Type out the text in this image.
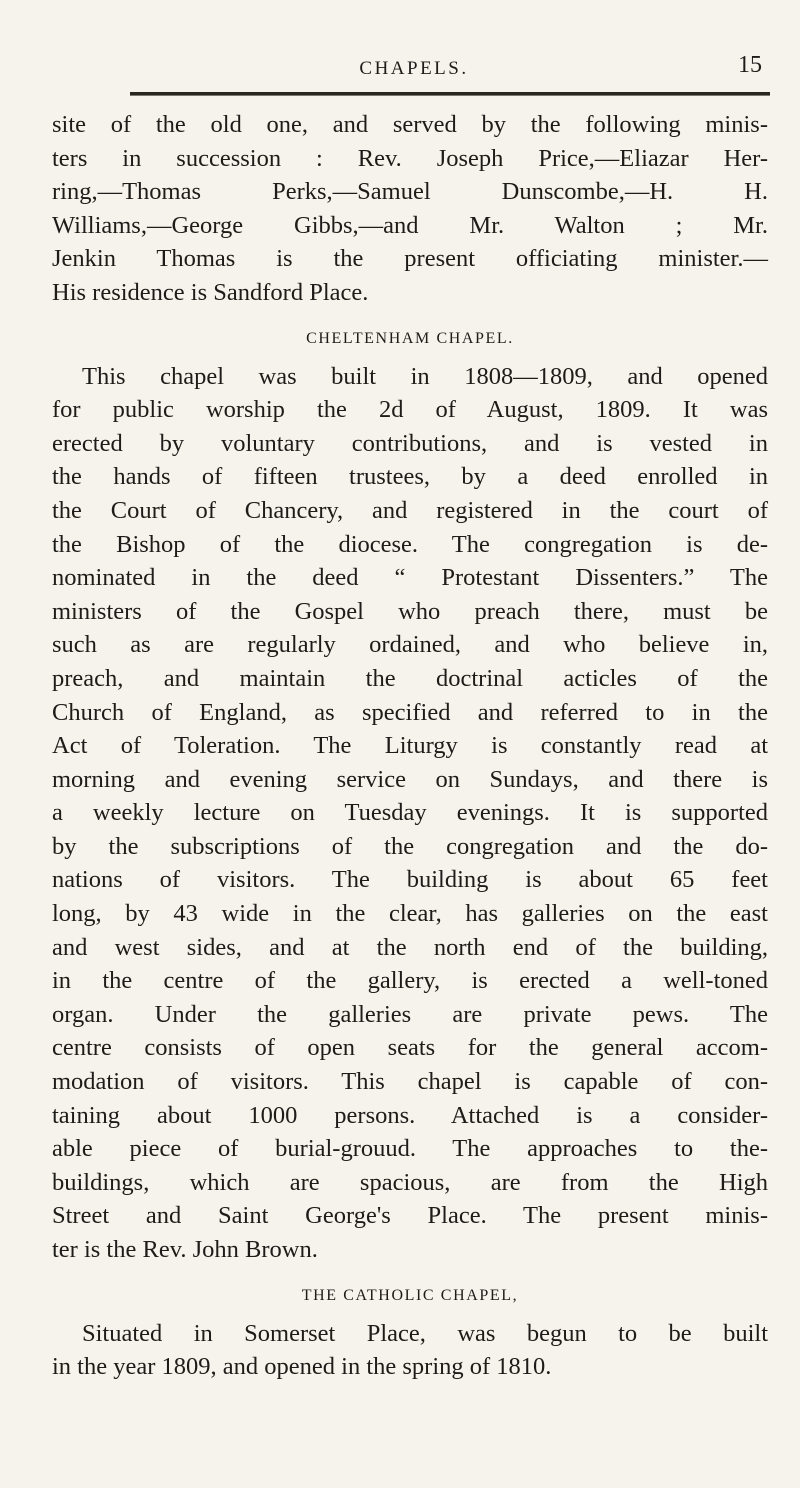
CHAPELS.	15
site of the old one, and served by the following minis-
ters in succession : Rev. Joseph Price,—Eliazar Her-
ring,—Thomas Perks,—Samuel Dunscombe,—H. H.
Williams,—George Gibbs,—and Mr. Walton ; Mr.
Jenkin Thomas is the present officiating minister.—
His residence is Sandford Place.
CHELTENHAM CHAPEL.
This chapel was built in 1808—1809, and opened
for public worship the 2d of August, 1809. It was
erected by voluntary contributions, and is vested in
the hands of fifteen trustees, by a deed enrolled in
the Court of Chancery, and registered in the court of
the Bishop of the diocese. The congregation is de-
nominated in the deed “ Protestant Dissenters.” The
ministers of the Gospel who preach there, must be
such as are regularly ordained, and who believe in,
preach, and maintain the doctrinal acticles of the
Church of England, as specified and referred to in the
Act of Toleration. The Liturgy is constantly read at
morning and evening service on Sundays, and there is
a weekly lecture on Tuesday evenings. It is supported
by the subscriptions of the congregation and the do-
nations of visitors. The building is about 65 feet
long, by 43 wide in the clear, has galleries on the east
and west sides, and at the north end of the building,
in the centre of the gallery, is erected a well-toned
organ. Under the galleries are private pews. The
centre consists of open seats for the general accom-
modation of visitors. This chapel is capable of con-
taining about 1000 persons. Attached is a consider-
able piece of burial-grouud. The approaches to the-
buildings, which are spacious, are from the High
Street and Saint George's Place. The present minis-
ter is the Rev. John Brown.
THE CATHOLIC CHAPEL,
Situated in Somerset Place, was begun to be built
in the year 1809, and opened in the spring of 1810.
